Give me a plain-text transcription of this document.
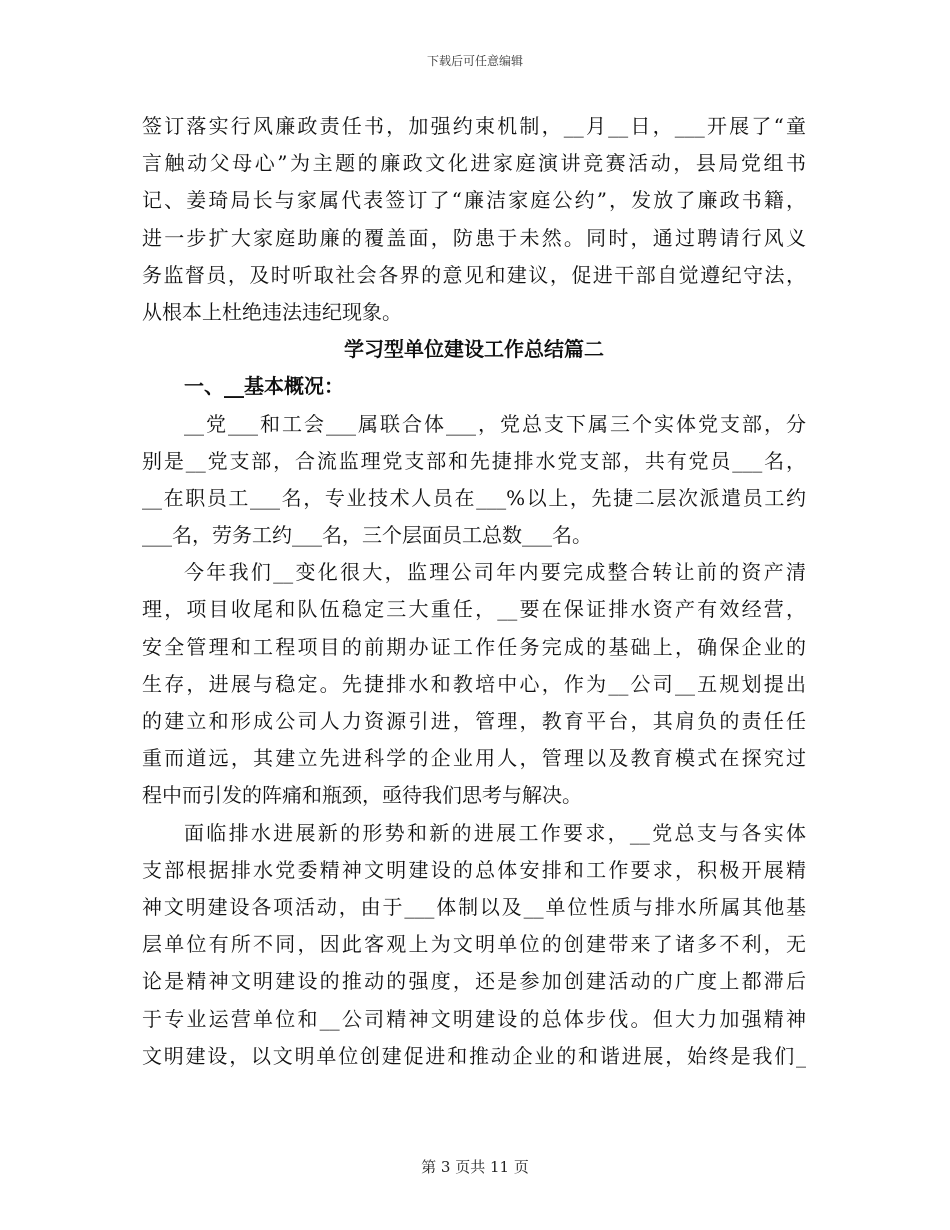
下载后可任意编辑
签订落实行风廉政责任书，加强约束机制，__月__日，___开展了“童
言触动父母心”为主题的廉政文化进家庭演讲竞赛活动，县局党组书
记、姜琦局长与家属代表签订了“廉洁家庭公约”，发放了廉政书籍，
进一步扩大家庭助廉的覆盖面，防患于未然。同时，通过聘请行风义
务监督员，及时听取社会各界的意见和建议，促进干部自觉遵纪守法，
从根本上杜绝违法违纪现象。
学习型单位建设工作总结篇二
一、__基本概况：
__党___和工会___属联合体___，党总支下属三个实体党支部，分
别是__党支部，合流监理党支部和先捷排水党支部，共有党员___名，
__在职员工___名，专业技术人员在___%以上，先捷二层次派遣员工约
___名，劳务工约___名，三个层面员工总数___名。
今年我们__变化很大，监理公司年内要完成整合转让前的资产清
理，项目收尾和队伍稳定三大重任，__要在保证排水资产有效经营，
安全管理和工程项目的前期办证工作任务完成的基础上，确保企业的
生存，进展与稳定。先捷排水和教培中心，作为__公司__五规划提出
的建立和形成公司人力资源引进，管理，教育平台，其肩负的责任任
重而道远，其建立先进科学的企业用人，管理以及教育模式在探究过
程中而引发的阵痛和瓶颈，亟待我们思考与解决。
面临排水进展新的形势和新的进展工作要求，__党总支与各实体
支部根据排水党委精神文明建设的总体安排和工作要求，积极开展精
神文明建设各项活动，由于___体制以及__单位性质与排水所属其他基
层单位有所不同，因此客观上为文明单位的创建带来了诸多不利，无
论是精神文明建设的推动的强度，还是参加创建活动的广度上都滞后
于专业运营单位和__公司精神文明建设的总体步伐。但大力加强精神
文明建设，以文明单位创建促进和推动企业的和谐进展，始终是我们_
第 3 页共 11 页
